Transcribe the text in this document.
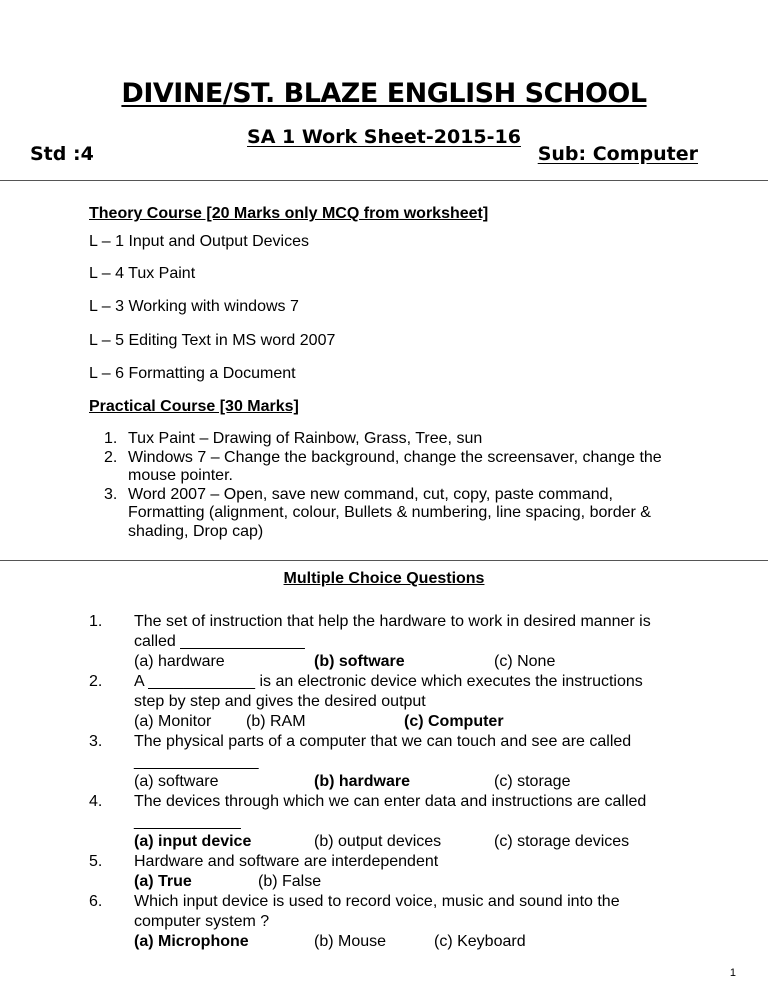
DIVINE/ST. BLAZE ENGLISH SCHOOL
SA 1 Work Sheet-2015-16
Std :4	Sub: Computer
Theory Course [20 Marks only MCQ from worksheet]
L – 1 Input and Output Devices
L – 4 Tux Paint
L – 3 Working with windows 7
L – 5 Editing Text in MS word 2007
L – 6 Formatting a Document
Practical Course [30 Marks]
1. Tux Paint – Drawing of Rainbow, Grass, Tree, sun
2. Windows 7 – Change the background, change the screensaver, change the
mouse pointer.
3. Word 2007 – Open, save new command, cut, copy, paste command,
Formatting (alignment, colour, Bullets & numbering, line spacing, border &
shading, Drop cap)
Multiple Choice Questions
1. The set of instruction that help the hardware to work in desired manner is
called ______________
(a) hardware	(b) software	(c) None
2. A ____________ is an electronic device which executes the instructions
step by step and gives the desired output
(a) Monitor (b) RAM	(c) Computer
3. The physical parts of a computer that we can touch and see are called
______________
(a) software	(b) hardware	(c) storage
4. The devices through which we can enter data and instructions are called
____________
(a) input device	(b) output devices	(c) storage devices
5. Hardware and software are interdependent
(a) True	(b) False
6. Which input device is used to record voice, music and sound into the
computer system ?
(a) Microphone	(b) Mouse	(c) Keyboard
1
